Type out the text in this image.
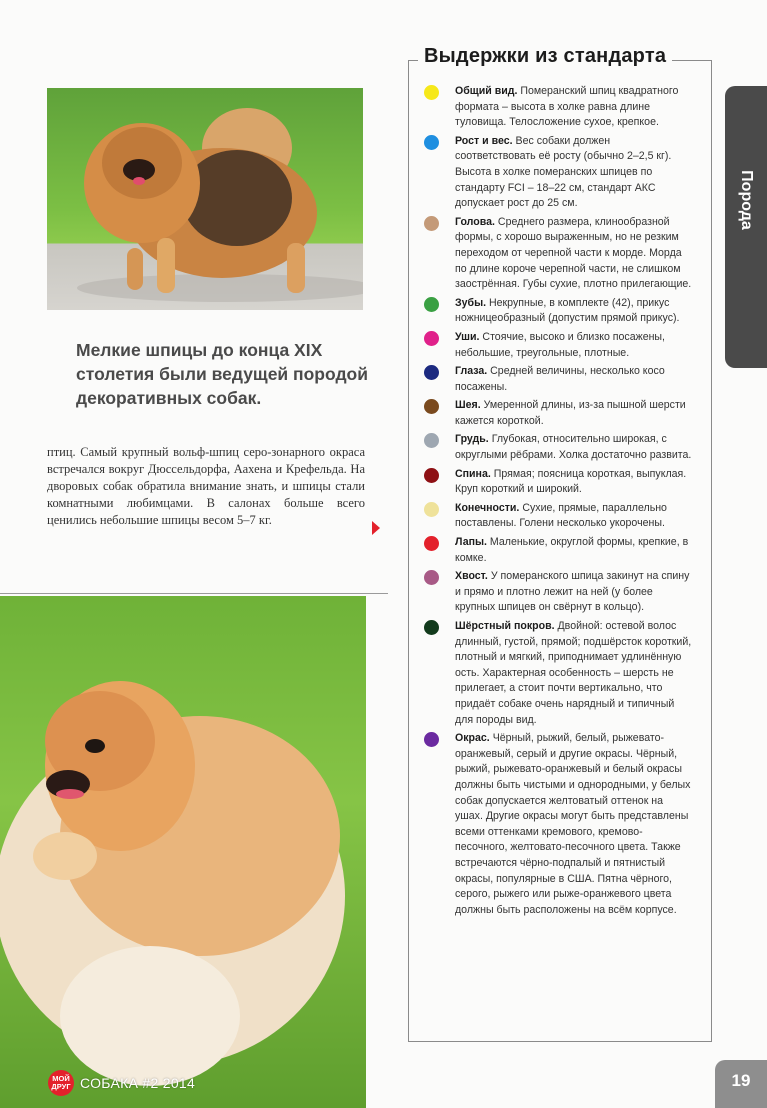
Мелкие шпицы до конца XIX столетия были ведущей породой декоративных собак.
птиц. Самый крупный вольф-шпиц серо-зонарного окраса встречался вокруг Дюссельдорфа, Аахена и Крефельда. На дворовых собак обратила внимание знать, и шпицы стали комнатными любимцами. В салонах больше всего ценились небольшие шпицы весом 5–7 кг.
Выдержки из стандарта
Общий вид. Померанский шпиц квадратного формата – высота в холке равна длине туловища. Телосложение сухое, крепкое.
Рост и вес. Вес собаки должен соответствовать её росту (обычно 2–2,5 кг). Высота в холке померанских шпицев по стандарту FCI – 18–22 см, стандарт АКС допускает рост до 25 см.
Голова. Среднего размера, клинообразной формы, с хорошо выраженным, но не резким переходом от черепной части к морде. Морда по длине короче черепной части, не слишком заострённая. Губы сухие, плотно прилегающие.
Зубы. Некрупные, в комплекте (42), прикус ножницеобразный (допустим прямой прикус).
Уши. Стоячие, высоко и близко посажены, небольшие, треугольные, плотные.
Глаза. Средней величины, несколько косо посажены.
Шея. Умеренной длины, из-за пышной шерсти кажется короткой.
Грудь. Глубокая, относительно широкая, с округлыми рёбрами. Холка достаточно развита.
Спина. Прямая; поясница короткая, выпуклая. Круп короткий и широкий.
Конечности. Сухие, прямые, параллельно поставлены. Голени несколько укорочены.
Лапы. Маленькие, округлой формы, крепкие, в комке.
Хвост. У померанского шпица закинут на спину и прямо и плотно лежит на ней (у более крупных шпицев он свёрнут в кольцо).
Шёрстный покров. Двойной: остевой волос длинный, густой, прямой; подшёрсток короткий, плотный и мягкий, приподнимает удлинённую ость. Характерная особенность – шерсть не прилегает, а стоит почти вертикально, что придаёт собаке очень нарядный и типичный для породы вид.
Окрас. Чёрный, рыжий, белый, рыжевато-оранжевый, серый и другие окрасы. Чёрный, рыжий, рыжевато-оранжевый и белый окрасы должны быть чистыми и однородными, у белых собак допускается желтоватый оттенок на ушах. Другие окрасы могут быть представлены всеми оттенками кремового, кремово-песочного, желтовато-песочного цвета. Также встречаются чёрно-подпалый и пятнистый окрасы, популярные в США. Пятна чёрного, серого, рыжего или рыже-оранжевого цвета должны быть расположены на всём корпусе.
Порода
МОЙ
ДРУГ СОБАКА #2 2014	19
